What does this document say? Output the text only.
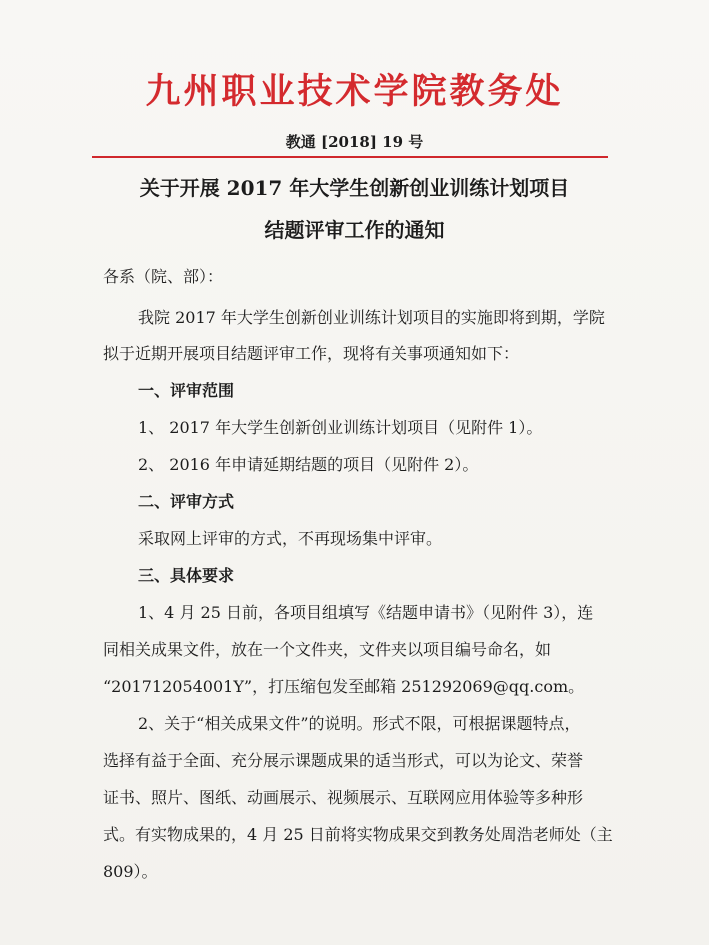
九州职业技术学院教务处
教通 [2018] 19 号
关于开展 2017 年大学生创新创业训练计划项目
结题评审工作的通知
各系（院、部）：
我院 2017 年大学生创新创业训练计划项目的实施即将到期，学院
拟于近期开展项目结题评审工作，现将有关事项通知如下：
一、评审范围
1、 2017 年大学生创新创业训练计划项目（见附件 1）。
2、 2016 年申请延期结题的项目（见附件 2）。
二、评审方式
采取网上评审的方式，不再现场集中评审。
三、具体要求
1、4 月 25 日前，各项目组填写《结题申请书》（见附件 3），连
同相关成果文件，放在一个文件夹，文件夹以项目编号命名，如
“201712054001Y”，打压缩包发至邮箱 251292069@qq.com。
2、关于“相关成果文件”的说明。形式不限，可根据课题特点，
选择有益于全面、充分展示课题成果的适当形式，可以为论文、荣誉
证书、照片、图纸、动画展示、视频展示、互联网应用体验等多种形
式。有实物成果的，4 月 25 日前将实物成果交到教务处周浩老师处（主
809）。
